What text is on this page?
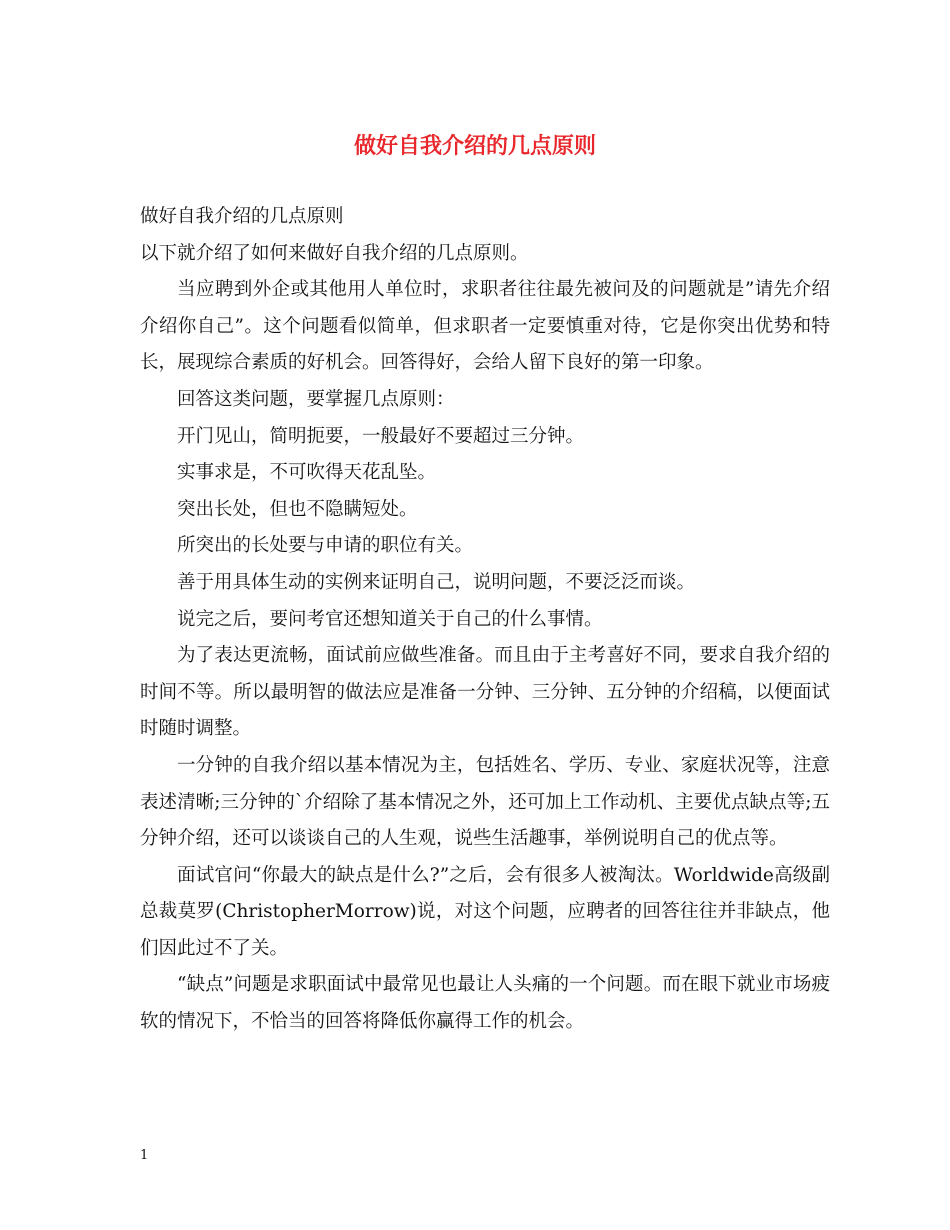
做好自我介绍的几点原则

做好自我介绍的几点原则

以下就介绍了如何来做好自我介绍的几点原则。

当应聘到外企或其他用人单位时，求职者往往最先被问及的问题就是”请先介绍介绍你自己”。这个问题看似简单，但求职者一定要慎重对待，它是你突出优势和特长，展现综合素质的好机会。回答得好，会给人留下良好的第一印象。

回答这类问题，要掌握几点原则：

开门见山，简明扼要，一般最好不要超过三分钟。

实事求是，不可吹得天花乱坠。

突出长处，但也不隐瞒短处。

所突出的长处要与申请的职位有关。

善于用具体生动的实例来证明自己，说明问题，不要泛泛而谈。

说完之后，要问考官还想知道关于自己的什么事情。

为了表达更流畅，面试前应做些准备。而且由于主考喜好不同，要求自我介绍的时间不等。所以最明智的做法应是准备一分钟、三分钟、五分钟的介绍稿，以便面试时随时调整。

一分钟的自我介绍以基本情况为主，包括姓名、学历、专业、家庭状况等，注意表述清晰;三分钟的`介绍除了基本情况之外，还可加上工作动机、主要优点缺点等;五分钟介绍，还可以谈谈自己的人生观，说些生活趣事，举例说明自己的优点等。

面试官问“你最大的缺点是什么?”之后，会有很多人被淘汰。Worldwide高级副总裁莫罗(ChristopherMorrow)说，对这个问题，应聘者的回答往往并非缺点，他们因此过不了关。

“缺点”问题是求职面试中最常见也最让人头痛的一个问题。而在眼下就业市场疲软的情况下，不恰当的回答将降低你赢得工作的机会。

1
